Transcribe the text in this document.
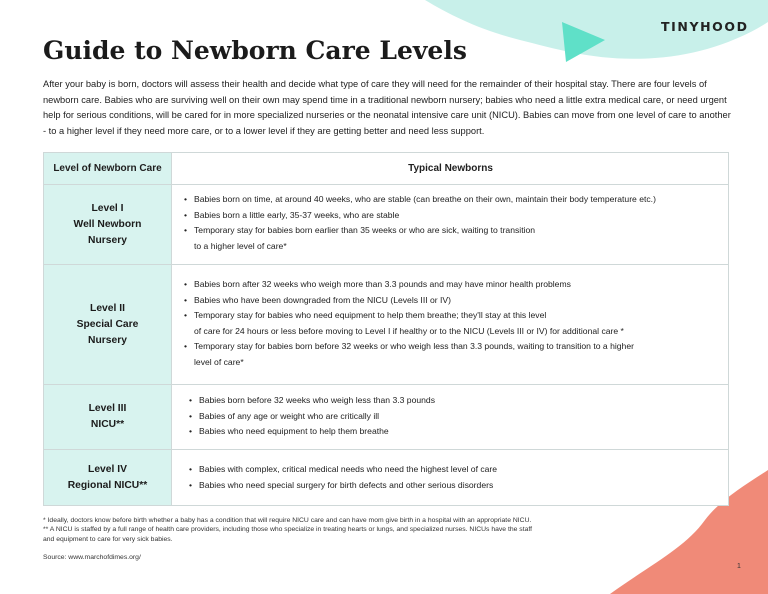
TINYHOOD
Guide to Newborn Care Levels

After your baby is born, doctors will assess their health and decide what type of care they will need for the remainder of their hospital stay. There are four levels of newborn care. Babies who are surviving well on their own may spend time in a traditional newborn nursery; babies who need a little extra medical care, or need urgent help for serious conditions, will be cared for in more specialized nurseries or the neonatal intensive care unit (NICU). Babies can move from one level of care to another - to a higher level if they need more care, or to a lower level if they are getting better and need less support.

Level of Newborn Care	Typical Newborns
Level I
Well Newborn
Nursery
• Babies born on time, at around 40 weeks, who are stable (can breathe on their own, maintain their body temperature etc.)
• Babies born a little early, 35-37 weeks, who are stable
• Temporary stay for babies born earlier than 35 weeks or who are sick, waiting to transition
to a higher level of care*
Level II
Special Care
Nursery
• Babies born after 32 weeks who weigh more than 3.3 pounds and may have minor health problems
• Babies who have been downgraded from the NICU (Levels III or IV)
• Temporary stay for babies who need equipment to help them breathe; they'll stay at this level
of care for 24 hours or less before moving to Level I if healthy or to the NICU (Levels III or IV) for additional care *
• Temporary stay for babies born before 32 weeks or who weigh less than 3.3 pounds, waiting to transition to a higher
level of care*
Level III
NICU**
• Babies born before 32 weeks who weigh less than 3.3 pounds
• Babies of any age or weight who are critically ill
• Babies who need equipment to help them breathe
Level IV
Regional NICU**
• Babies with complex, critical medical needs who need the highest level of care
• Babies who need special surgery for birth defects and other serious disorders
* Ideally, doctors know before birth whether a baby has a condition that will require NICU care and can have mom give birth in a hospital with an appropriate NICU.
** A NICU is staffed by a full range of health care providers, including those who specialize in treating hearts or lungs, and specialized nurses. NICUs have the staff
and equipment to care for very sick babies.
Source: www.marchofdimes.org/
1
